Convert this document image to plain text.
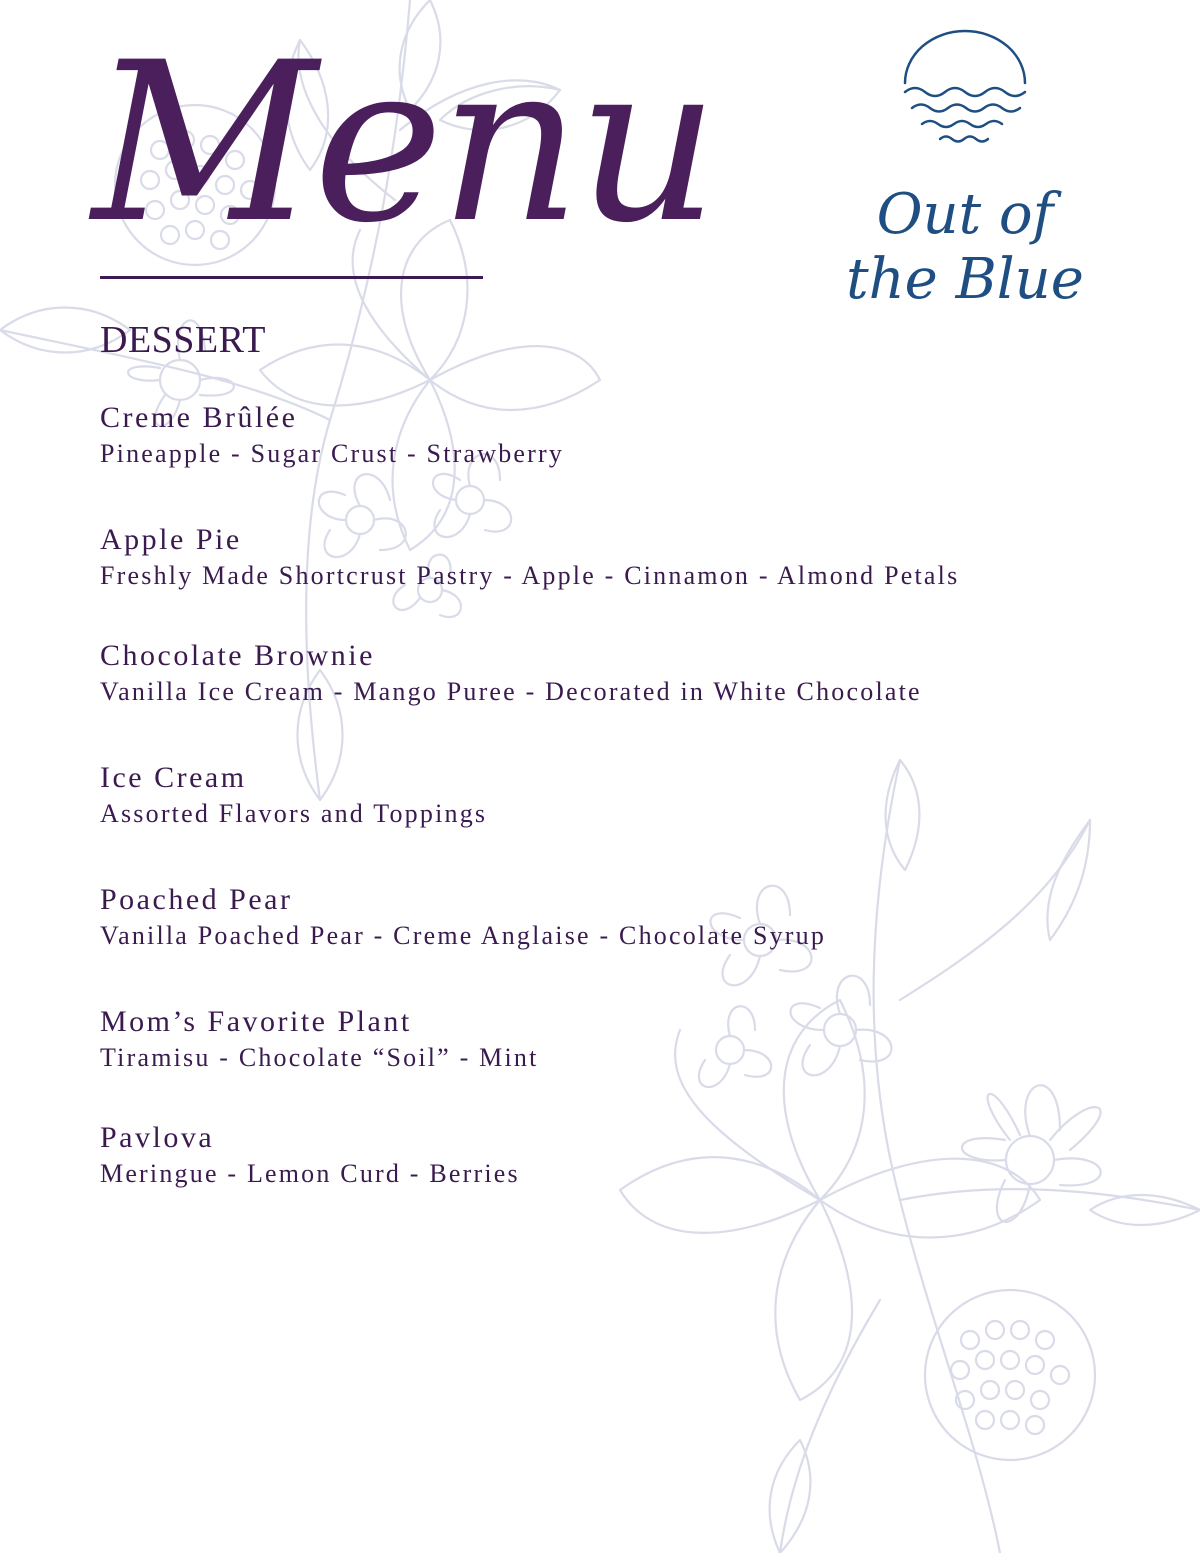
Menu	Out of
the Blue
DESSERT
Creme Brûlée
Pineapple - Sugar Crust - Strawberry
Apple Pie
Freshly Made Shortcrust Pastry - Apple - Cinnamon - Almond Petals
Chocolate Brownie
Vanilla Ice Cream - Mango Puree - Decorated in White Chocolate
Ice Cream
Assorted Flavors and Toppings
Poached Pear
Vanilla Poached Pear - Creme Anglaise - Chocolate Syrup
Mom’s Favorite Plant
Tiramisu - Chocolate “Soil” - Mint
Pavlova
Meringue - Lemon Curd - Berries
